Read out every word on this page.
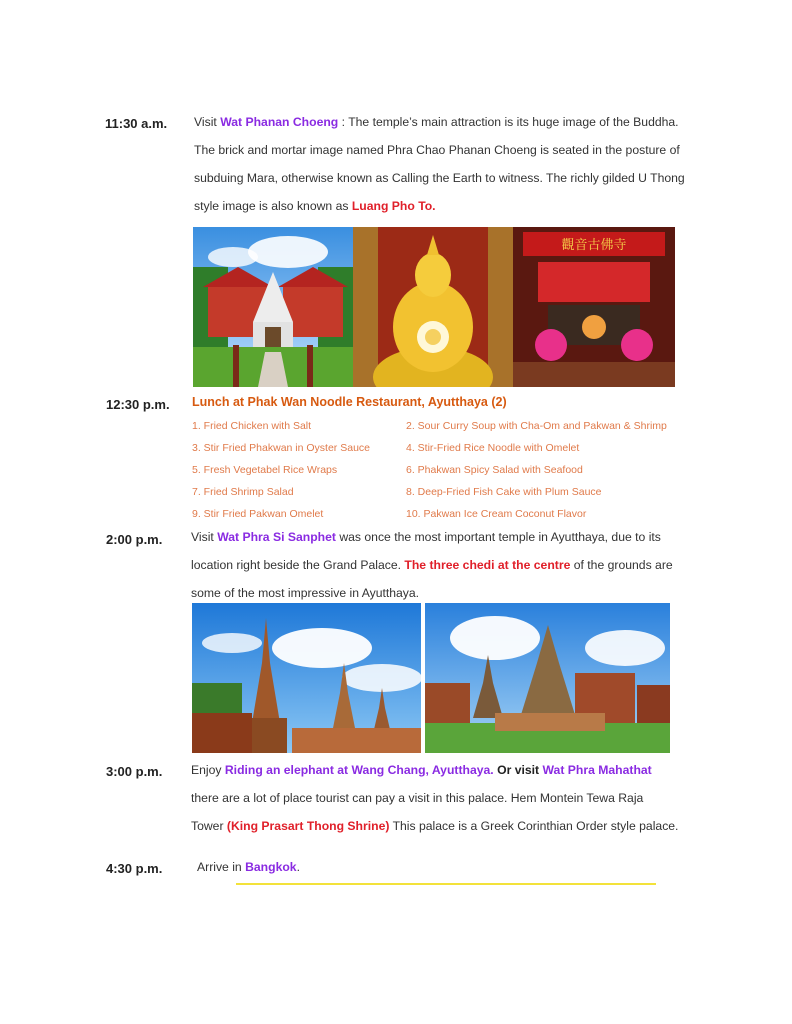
11:30 a.m. Visit Wat Phanan Choeng : The temple’s main attraction is its huge image of the Buddha.
The brick and mortar image named Phra Chao Phanan Choeng is seated in the posture of
subduing Mara, otherwise known as Calling the Earth to witness. The richly gilded U Thong
style image is also known as Luang Pho To.
觀音古佛寺
12:30 p.m. Lunch at Phak Wan Noodle Restaurant, Ayutthaya (2)
1. Fried Chicken with Salt	2. Sour Curry Soup with Cha-Om and Pakwan & Shrimp
3. Stir Fried Phakwan in Oyster Sauce	4. Stir-Fried Rice Noodle with Omelet
5. Fresh Vegetabel Rice Wraps	6. Phakwan Spicy Salad with Seafood
7. Fried Shrimp Salad	8. Deep-Fried Fish Cake with Plum Sauce
9. Stir Fried Pakwan Omelet	10. Pakwan Ice Cream Coconut Flavor
2:00 p.m. Visit Wat Phra Si Sanphet was once the most important temple in Ayutthaya, due to its
location right beside the Grand Palace. The three chedi at the centre of the grounds are
some of the most impressive in Ayutthaya.
3:00 p.m. Enjoy Riding an elephant at Wang Chang, Ayutthaya. Or visit Wat Phra Mahathat
there are a lot of place tourist can pay a visit in this palace. Hem Montein Tewa Raja
Tower (King Prasart Thong Shrine) This palace is a Greek Corinthian Order style palace.
4:30 p.m.	Arrive in Bangkok.
